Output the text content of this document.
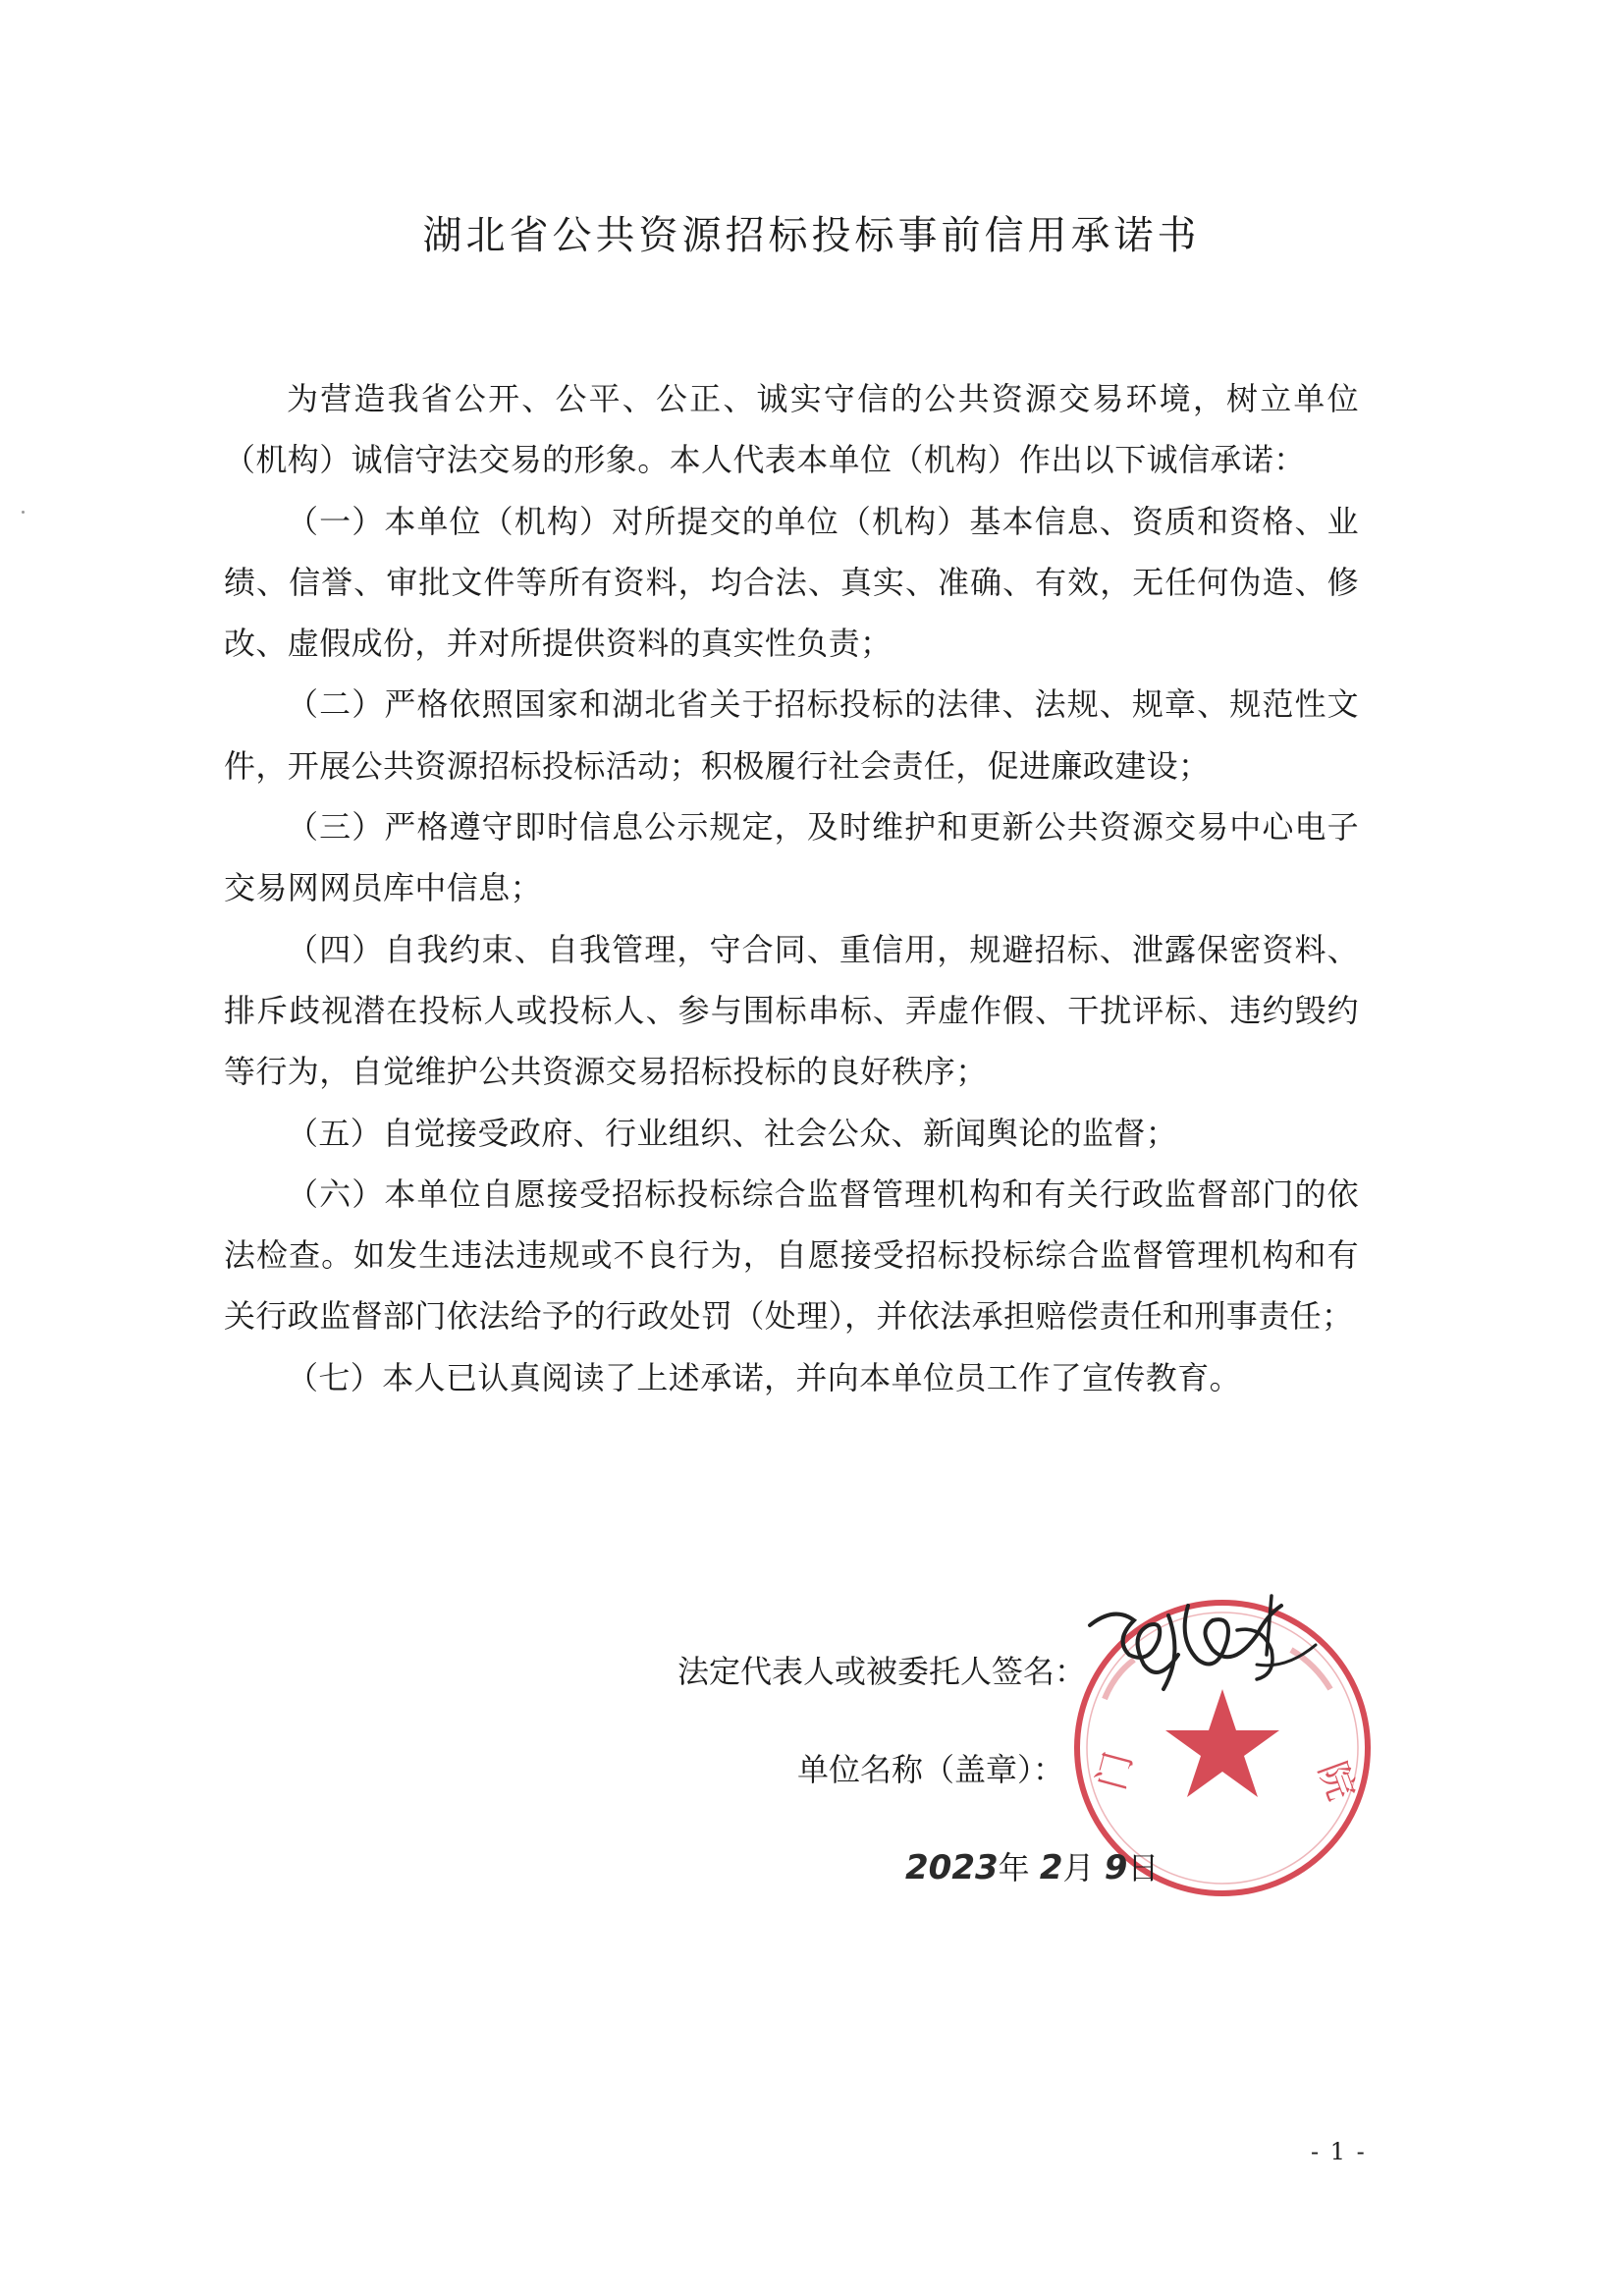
湖北省公共资源招标投标事前信用承诺书

为营造我省公开、公平、公正、诚实守信的公共资源交易环境，树立单位（机构）诚信守法交易的形象。本人代表本单位（机构）作出以下诚信承诺：

（一）本单位（机构）对所提交的单位（机构）基本信息、资质和资格、业绩、信誉、审批文件等所有资料，均合法、真实、准确、有效，无任何伪造、修改、虚假成份，并对所提供资料的真实性负责；

（二）严格依照国家和湖北省关于招标投标的法律、法规、规章、规范性文件，开展公共资源招标投标活动；积极履行社会责任，促进廉政建设；

（三）严格遵守即时信息公示规定，及时维护和更新公共资源交易中心电子交易网网员库中信息；

（四）自我约束、自我管理，守合同、重信用，规避招标、泄露保密资料、排斥歧视潜在投标人或投标人、参与围标串标、弄虚作假、干扰评标、违约毁约等行为，自觉维护公共资源交易招标投标的良好秩序；

（五）自觉接受政府、行业组织、社会公众、新闻舆论的监督；

（六）本单位自愿接受招标投标综合监督管理机构和有关行政监督部门的依法检查。如发生违法违规或不良行为，自愿接受招标投标综合监督管理机构和有关行政监督部门依法给予的行政处罚（处理），并依法承担赔偿责任和刑事责任；

（七）本人已认真阅读了上述承诺，并向本单位员工作了宣传教育。

门	院
法定代表人或被委托人签名：
单位名称（盖章）：
2023年 2月 9日
- 1 -
